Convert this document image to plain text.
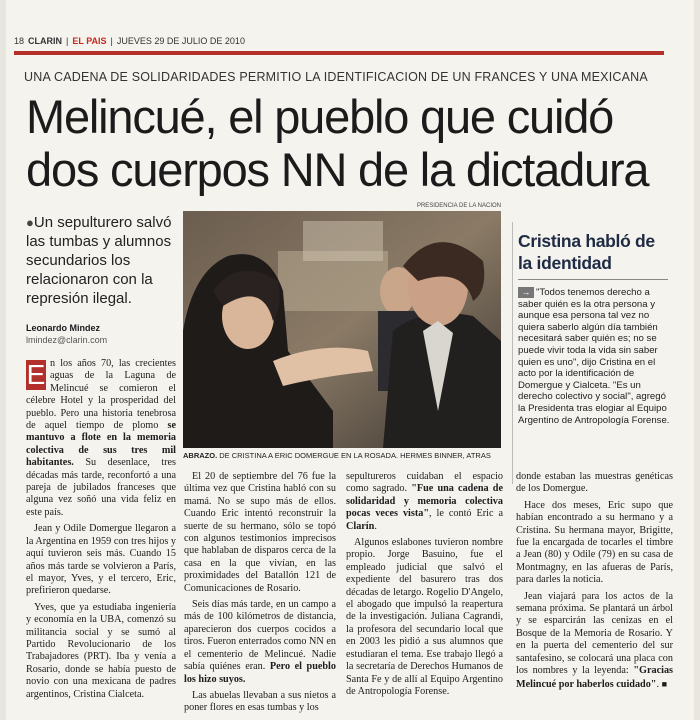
18 CLARIN | EL PAIS | JUEVES 29 DE JULIO DE 2010
UNA CADENA DE SOLIDARIDADES PERMITIO LA IDENTIFICACION DE UN FRANCES Y UNA MEXICANA
Melincué, el pueblo que cuidó dos cuerpos NN de la dictadura
●Un sepulturero salvó las tumbas y alumnos secundarios los relacionaron con la represión ilegal.
Leonardo Mindez
lmindez@clarin.com
PRESIDENCIA DE LA NACION
ABRAZO. DE CRISTINA A ERIC DOMERGUE EN LA ROSADA. HERMES BINNER, ATRAS
Cristina habló de la identidad
→ "Todos tenemos derecho a saber quién es la otra persona y aunque esa persona tal vez no quiera saberlo algún día también necesitará saber quién es; no se puede vivir toda la vida sin saber quien es uno", dijo Cristina en el acto por la identificación de Domergue y Cialceta. "Es un derecho colectivo y social", agregó la Presidenta tras elogiar al Equipo Argentino de Antropología Forense.

E n los años 70, las crecientes aguas de la Laguna de Melincué se comieron el célebre Hotel y la prosperidad del pueblo. Pero una historia tenebrosa de aquel tiempo de plomo se mantuvo a flote en la memoria colectiva de sus tres mil habitantes. Su desenlace, tres décadas más tarde, reconfortó a una pareja de jubilados franceses que alguna vez soñó una vida feliz en este país.

Jean y Odile Domergue llegaron a la Argentina en 1959 con tres hijos y aquí tuvieron seis más. Cuando 15 años más tarde se volvieron a París, el mayor, Yves, y el tercero, Eric, prefirieron quedarse.

Yves, que ya estudiaba ingeniería y economía en la UBA, comenzó su militancia social y se sumó al Partido Revolucionario de los Trabajadores (PRT). Iba y venía a Rosario, donde se había puesto de novio con una mexicana de padres argentinos, Cristina Cialceta.

El 20 de septiembre del 76 fue la última vez que Cristina habló con su mamá. No se supo más de ellos. Cuando Eric intentó reconstruir la suerte de su hermano, sólo se topó con algunos testimonios imprecisos que hablaban de disparos cerca de la casa en la que vivían, en las proximidades del Batallón 121 de Comunicaciones de Rosario.

Seis días más tarde, en un campo a más de 100 kilómetros de distancia, aparecieron dos cuerpos cocidos a tiros. Fueron enterrados como NN en el cementerio de Melincué. Nadie sabía quiénes eran. Pero el pueblo los hizo suyos.

Las abuelas llevaban a sus nietos a poner flores en esas tumbas y los

sepultureros cuidaban el espacio como sagrado. "Fue una cadena de solidaridad y memoria colectiva pocas veces vista", le contó Eric a Clarín.

Algunos eslabones tuvieron nombre propio. Jorge Basuino, fue el empleado judicial que salvó el expediente del basurero tras dos décadas de letargo. Rogelio D'Angelo, el abogado que impulsó la reapertura de la investigación. Juliana Cagrandi, la profesora del secundario local que en 2003 les pidió a sus alumnos que estudiaran el tema. Ese trabajo llegó a la secretaría de Derechos Humanos de Santa Fe y de allí al Equipo Argentino de Antropología Forense.

donde estaban las muestras genéticas de los Domergue.

Hace dos meses, Eric supo que habían encontrado a su hermano y a Cristina. Su hermana mayor, Brigitte, fue la encargada de tocarles el timbre a Jean (80) y Odile (79) en su casa de Montmagny, en las afueras de París, para darles la noticia.

Jean viajará para los actos de la semana próxima. Se plantará un árbol y se esparcirán las cenizas en el Bosque de la Memoria de Rosario. Y en la puerta del cementerio del sur santafesino, se colocará una placa con los nombres y la leyenda: "Gracias Melincué por haberlos cuidado". ■
